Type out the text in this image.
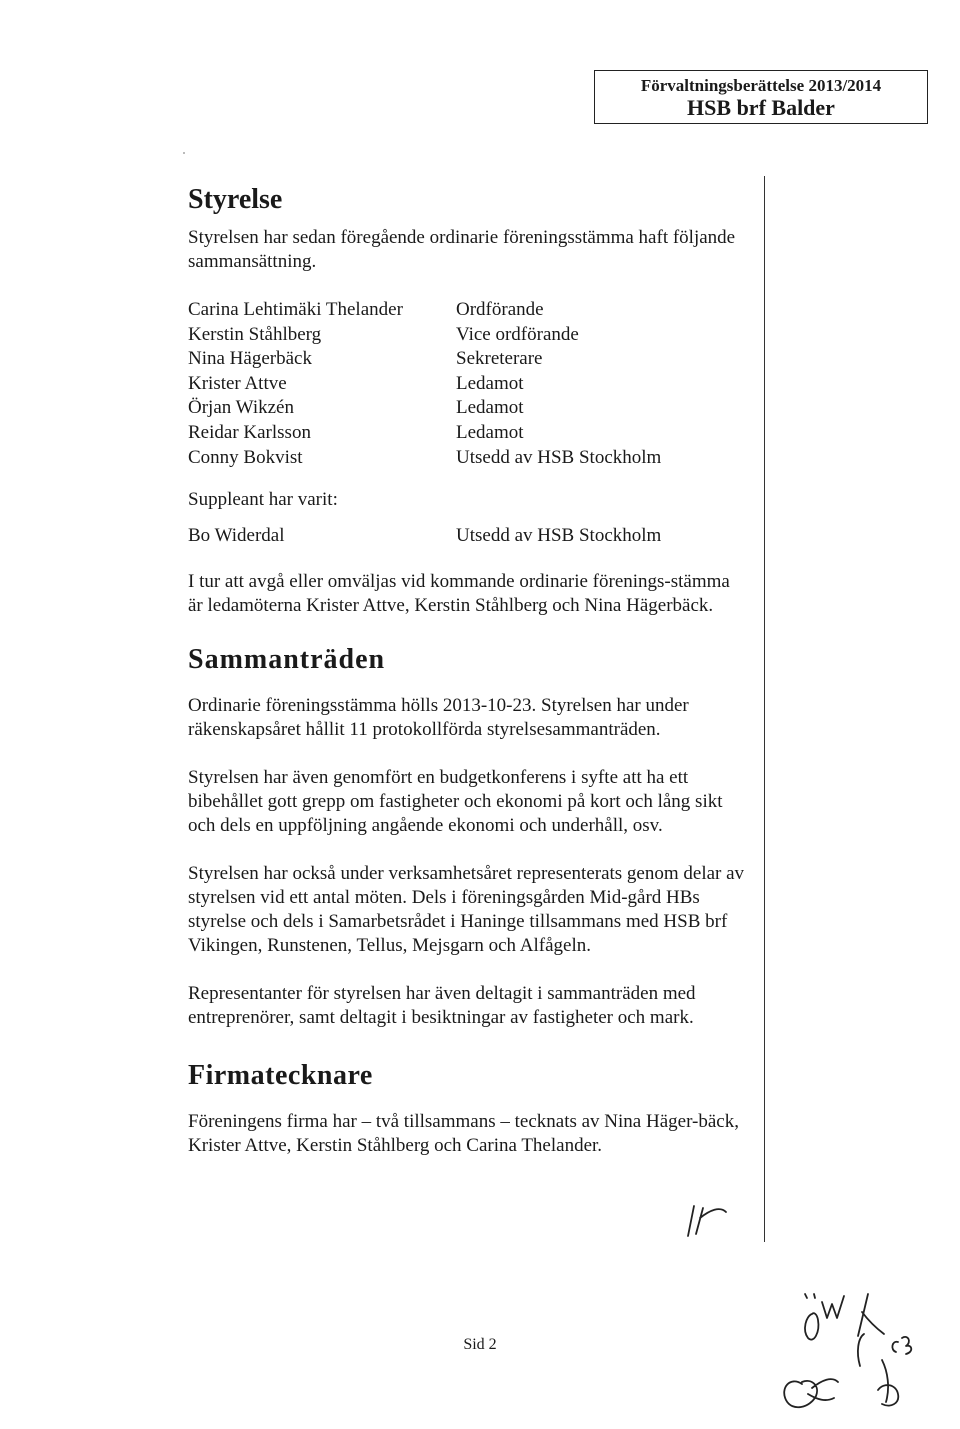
Förvaltningsberättelse 2013/2014
HSB brf Balder
Styrelse

Styrelsen har sedan föregående ordinarie föreningsstämma haft följande sammansättning.

Carina Lehtimäki Thelander	Ordförande
Kerstin Ståhlberg	Vice ordförande
Nina Hägerbäck	Sekreterare
Krister Attve	Ledamot
Örjan Wikzén	Ledamot
Reidar Karlsson	Ledamot
Conny Bokvist	Utsedd av HSB Stockholm
Suppleant har varit:
Bo Widerdal	Utsedd av HSB Stockholm

I tur att avgå eller omväljas vid kommande ordinarie förenings-stämma är ledamöterna Krister Attve, Kerstin Ståhlberg och Nina Hägerbäck.

Sammanträden

Ordinarie föreningsstämma hölls 2013-10-23. Styrelsen har under räkenskapsåret hållit 11 protokollförda styrelsesammanträden.

Styrelsen har även genomfört en budgetkonferens i syfte att ha ett bibehållet gott grepp om fastigheter och ekonomi på kort och lång sikt och dels en uppföljning angående ekonomi och underhåll, osv.

Styrelsen har också under verksamhetsåret representerats genom delar av styrelsen vid ett antal möten. Dels i föreningsgården Mid-gård HBs styrelse och dels i Samarbetsrådet i Haninge tillsammans med HSB brf Vikingen, Runstenen, Tellus, Mejsgarn och Alfågeln.

Representanter för styrelsen har även deltagit i sammanträden med entreprenörer, samt deltagit i besiktningar av fastigheter och mark.

Firmatecknare

Föreningens firma har – två tillsammans – tecknats av Nina Häger-bäck, Krister Attve, Kerstin Ståhlberg och Carina Thelander.

Sid 2
